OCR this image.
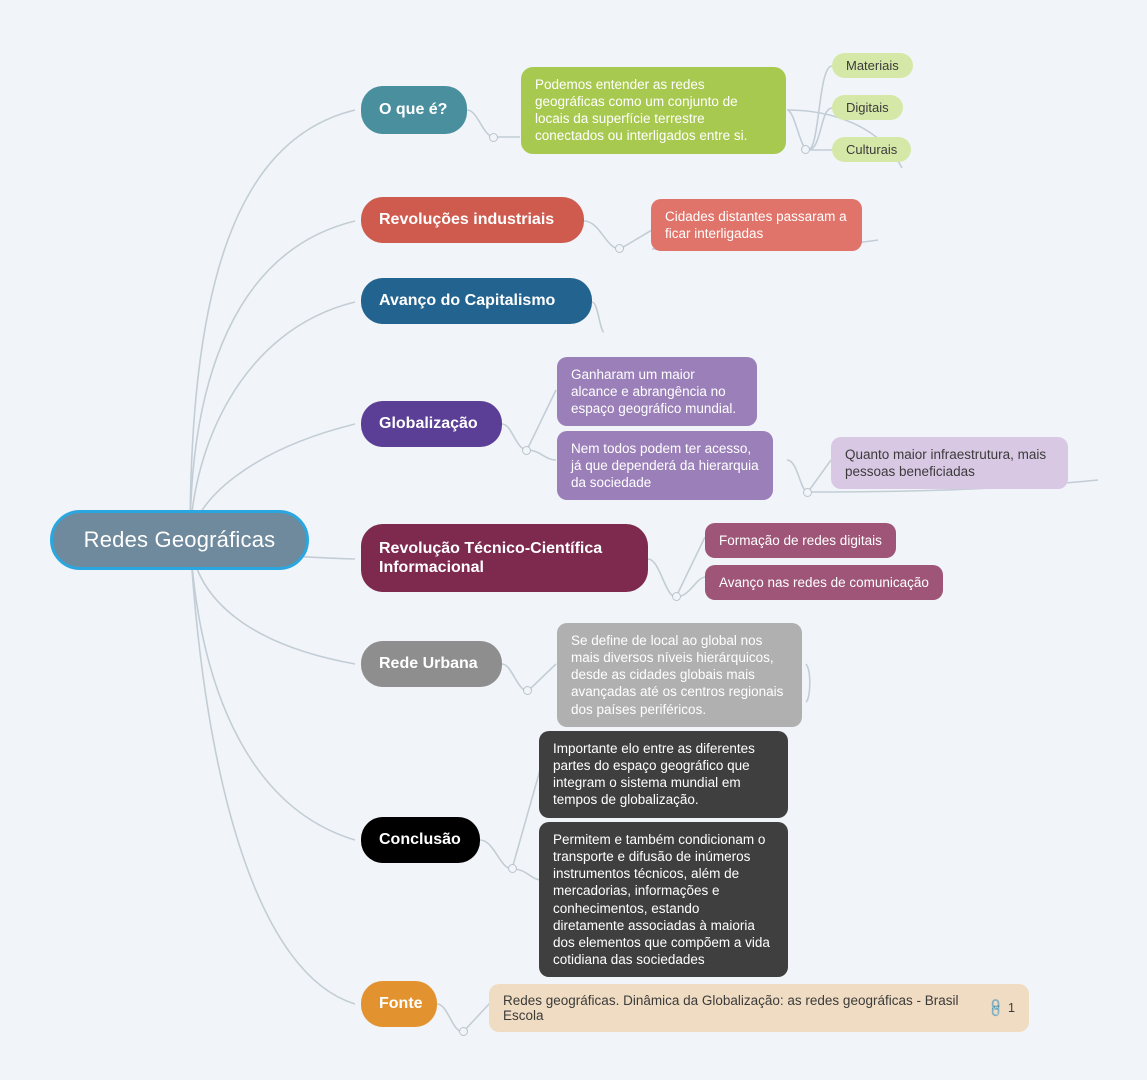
Redes Geográficas
O que é?
Podemos entender as redes geográficas como um conjunto de locais da superfície terrestre conectados ou interligados entre si.
Materiais
Digitais
Culturais
Revoluções industriais	Cidades distantes passaram a ficar interligadas
Avanço do Capitalismo
Globalização
Ganharam um maior alcance e abrangência no espaço geográfico mundial.
Nem todos podem ter acesso, já que dependerá da hierarquia da sociedade
Quanto maior infraestrutura, mais pessoas beneficiadas
Revolução Técnico-Científica Informacional
Formação de redes digitais
Avanço nas redes de comunicação
Rede Urbana
Se define de local ao global nos mais diversos níveis hierárquicos, desde as cidades globais mais avançadas até os centros regionais dos países periféricos.
Conclusão
Importante elo entre as diferentes partes do espaço geográfico que integram o sistema mundial em tempos de globalização.
Permitem e também condicionam o transporte e difusão de inúmeros instrumentos técnicos, além de mercadorias, informações e conhecimentos, estando diretamente associadas à maioria dos elementos que compõem a vida cotidiana das sociedades
Fonte	Redes geográficas. Dinâmica da Globalização: as redes geográficas - Brasil Escola	🔗 1
